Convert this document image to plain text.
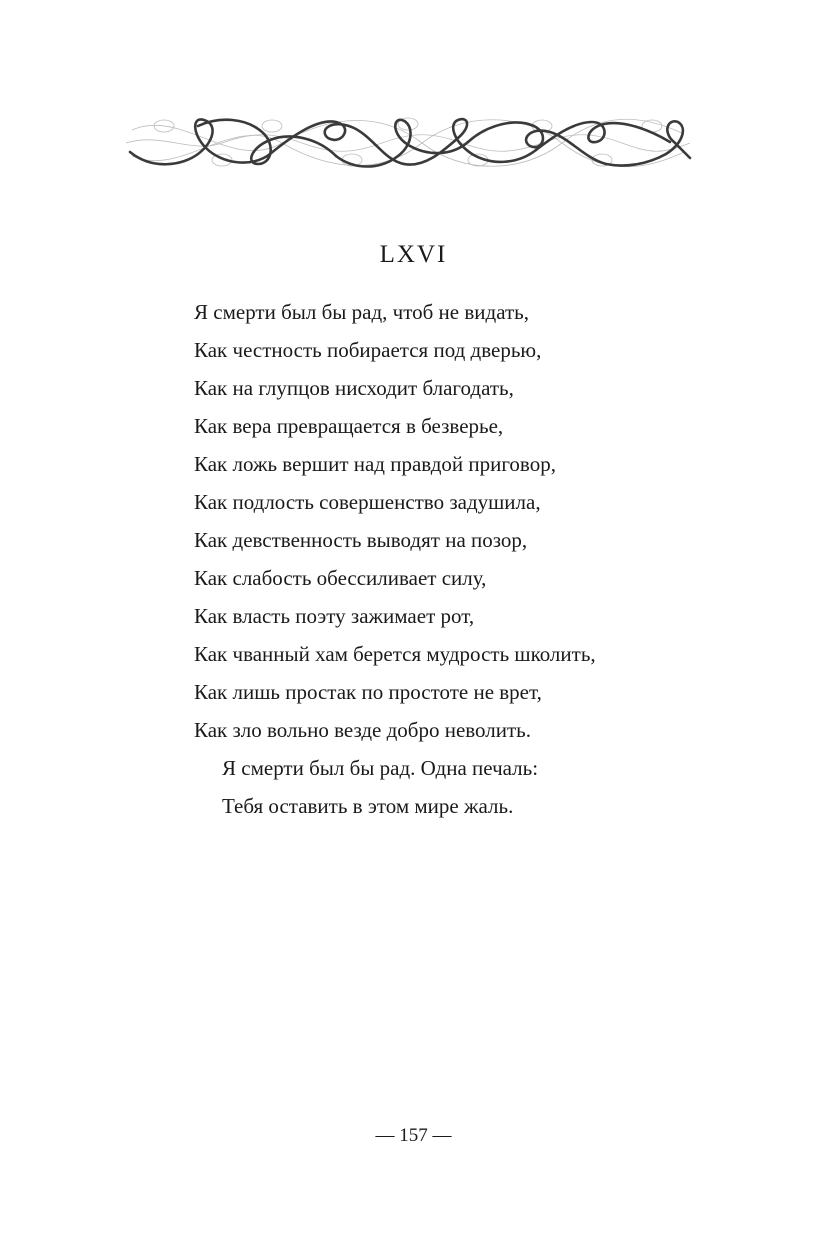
LXVI
Я смерти был бы рад, чтоб не видать,
Как честность побирается под дверью,
Как на глупцов нисходит благодать,
Как вера превращается в безверье,
Как ложь вершит над правдой приговор,
Как подлость совершенство задушила,
Как девственность выводят на позор,
Как слабость обессиливает силу,
Как власть поэту зажимает рот,
Как чванный хам берется мудрость школить,
Как лишь простак по простоте не врет,
Как зло вольно везде добро неволить.
Я смерти был бы рад. Одна печаль:
Тебя оставить в этом мире жаль.
— 157 —
